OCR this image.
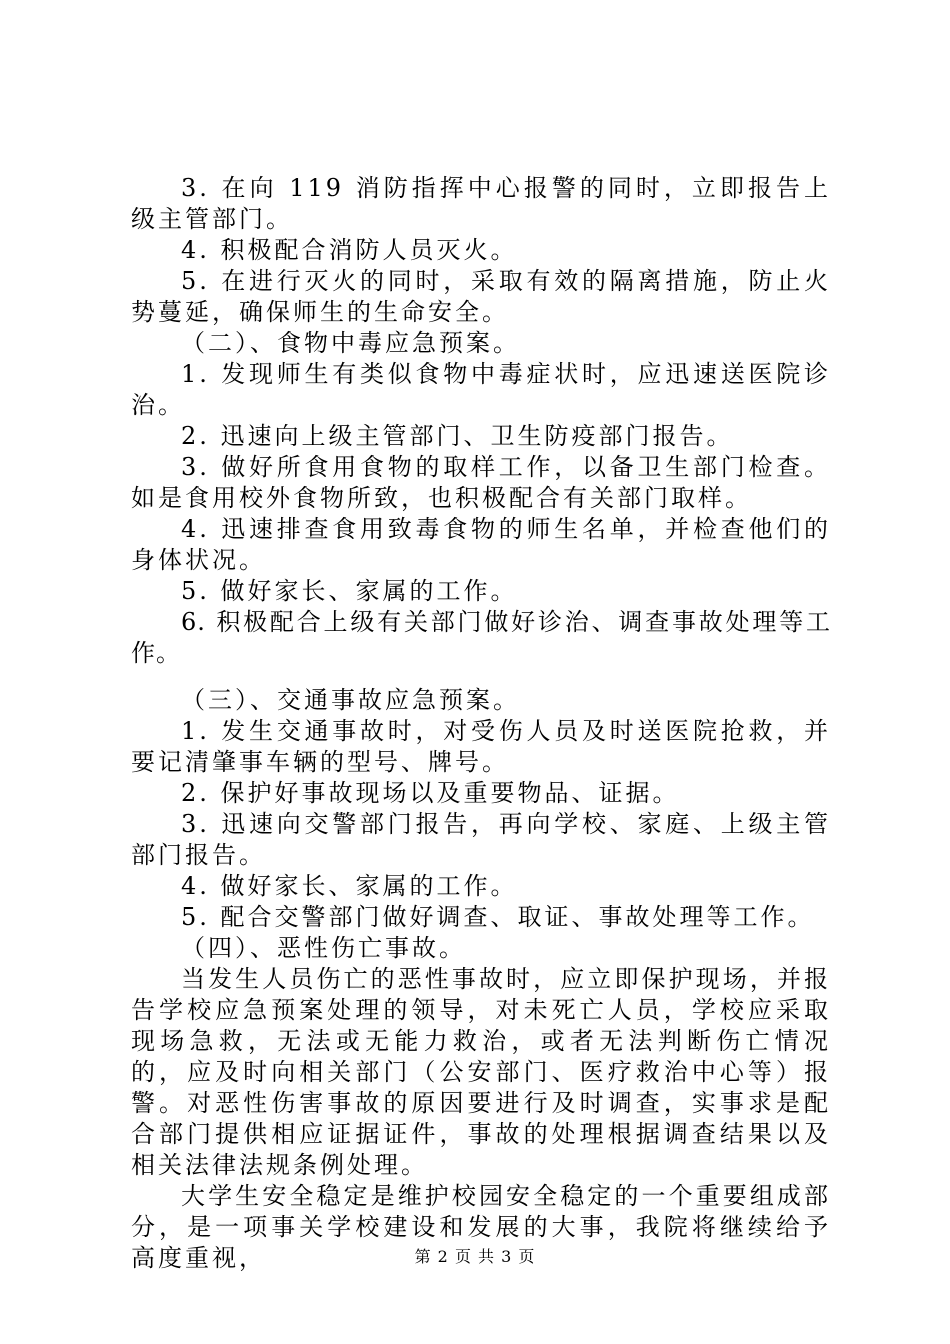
3. 在向 119 消防指挥中心报警的同时，立即报告上级主管部门。

4. 积极配合消防人员灭火。

5. 在进行灭火的同时，采取有效的隔离措施，防止火势蔓延，确保师生的生命安全。

（二）、食物中毒应急预案。

1. 发现师生有类似食物中毒症状时，应迅速送医院诊治。

2. 迅速向上级主管部门、卫生防疫部门报告。

3. 做好所食用食物的取样工作，以备卫生部门检查。如是食用校外食物所致，也积极配合有关部门取样。

4. 迅速排查食用致毒食物的师生名单，并检查他们的身体状况。

5. 做好家长、家属的工作。

6. 积极配合上级有关部门做好诊治、调查事故处理等工作。

（三）、交通事故应急预案。

1. 发生交通事故时，对受伤人员及时送医院抢救，并要记清肇事车辆的型号、牌号。

2. 保护好事故现场以及重要物品、证据。

3. 迅速向交警部门报告，再向学校、家庭、上级主管部门报告。

4. 做好家长、家属的工作。

5. 配合交警部门做好调查、取证、事故处理等工作。

（四）、恶性伤亡事故。

当发生人员伤亡的恶性事故时，应立即保护现场，并报告学校应急预案处理的领导，对未死亡人员，学校应采取现场急救，无法或无能力救治，或者无法判断伤亡情况的，应及时向相关部门（公安部门、医疗救治中心等）报警。对恶性伤害事故的原因要进行及时调查，实事求是配合部门提供相应证据证件，事故的处理根据调查结果以及相关法律法规条例处理。

大学生安全稳定是维护校园安全稳定的一个重要组成部分，是一项事关学校建设和发展的大事，我院将继续给予高度重视，	第 2 页 共 3 页
